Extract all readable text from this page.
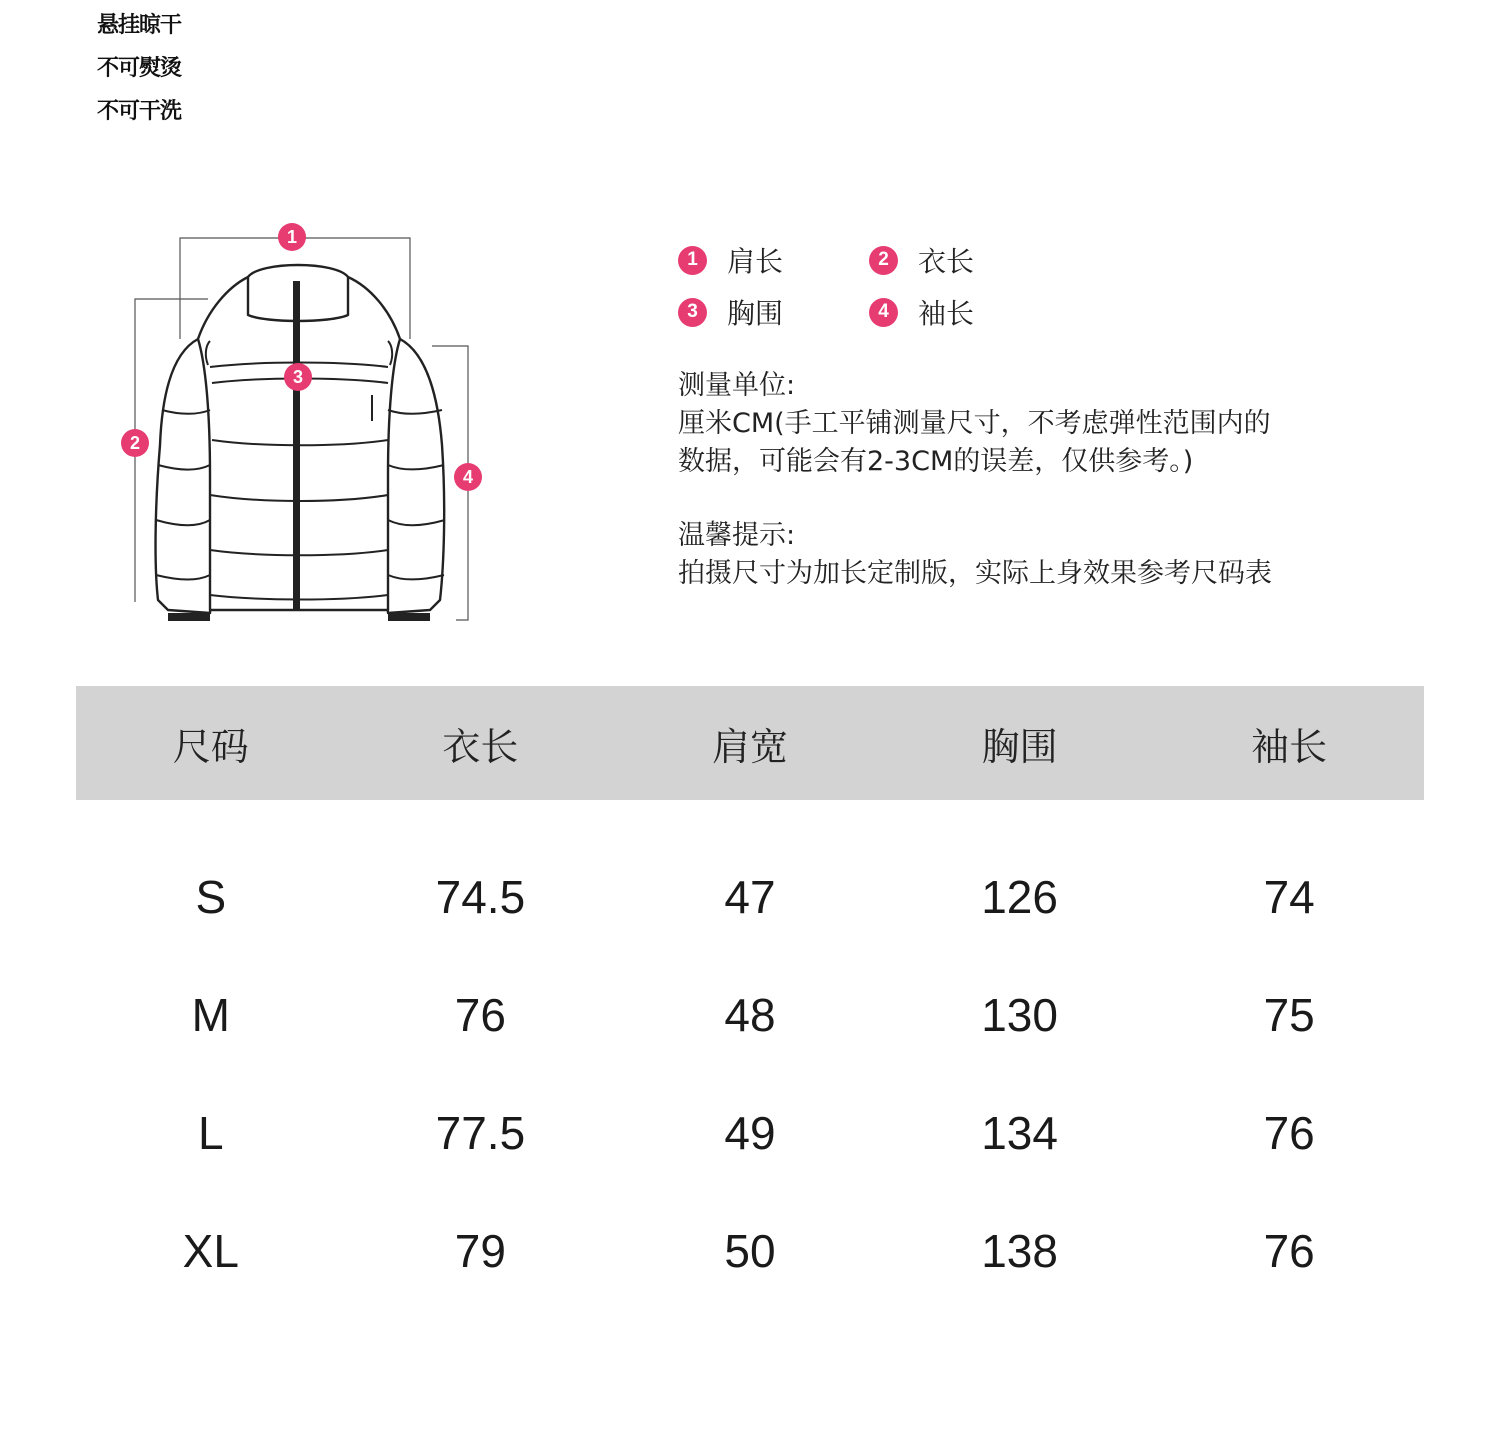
悬挂晾干
不可熨烫
不可干洗
1
2
3
4
1	肩长	2	衣长
3	胸围	4	袖长
测量单位:
厘米CM(手工平铺测量尺寸，不考虑弹性范围内的
数据，可能会有2-3CM的误差，仅供参考。)
温馨提示:
拍摄尺寸为加长定制版，实际上身效果参考尺码表
尺码	衣长	肩宽	胸围	袖长

S	74.5	47	126	74
M	76	48	130	75
L	77.5	49	134	76
XL	79	50	138	76
